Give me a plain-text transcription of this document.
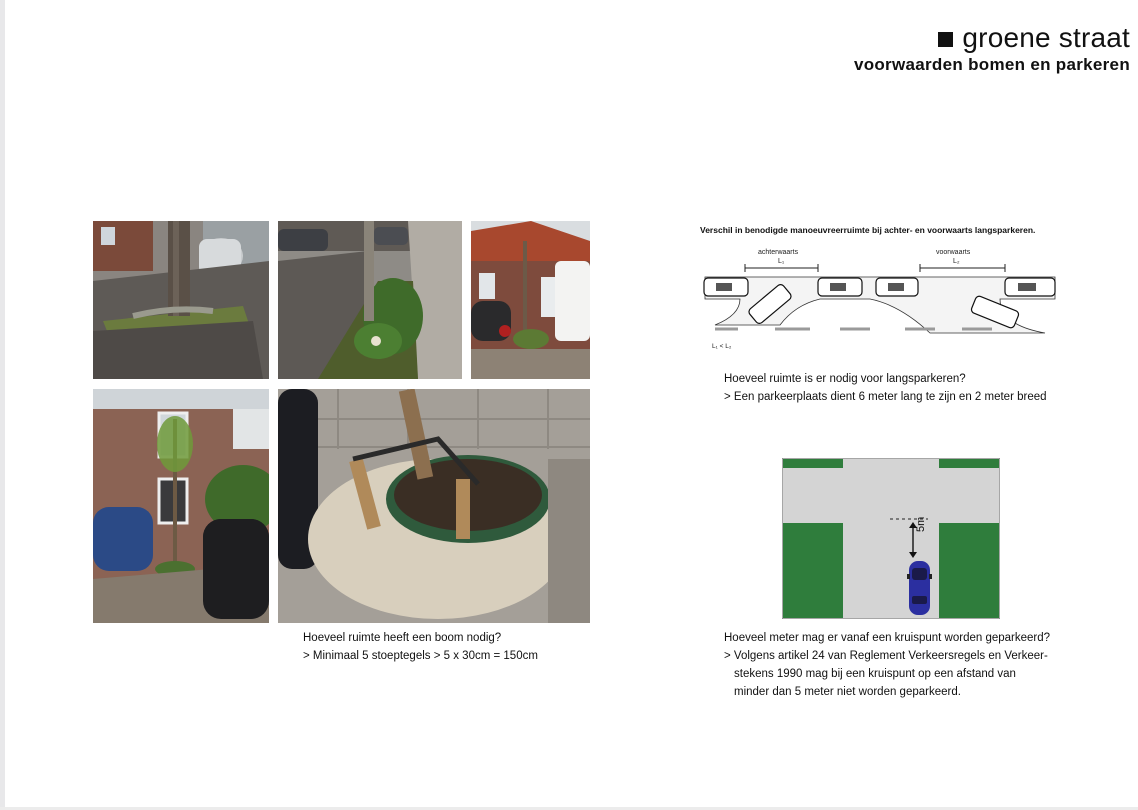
groene straat
voorwaarden bomen en parkeren
Hoeveel ruimte heeft een boom nodig?
> Minimaal 5 stoeptegels > 5 x 30cm = 150cm
Verschil in benodigde manoeuvreerruimte bij achter- en voorwaarts langsparkeren.
achterwaarts
L₁
voorwaarts
L₂
L₁ < L₂
Hoeveel ruimte is er nodig voor langsparkeren?
> Een parkeerplaats dient 6 meter lang te zijn en 2 meter breed
5m
Hoeveel meter mag er vanaf een kruispunt worden geparkeerd?
> Volgens artikel 24 van Reglement Verkeersregels en Verkeer-
stekens 1990 mag bij een kruispunt op een afstand van
minder dan 5 meter niet worden geparkeerd.
